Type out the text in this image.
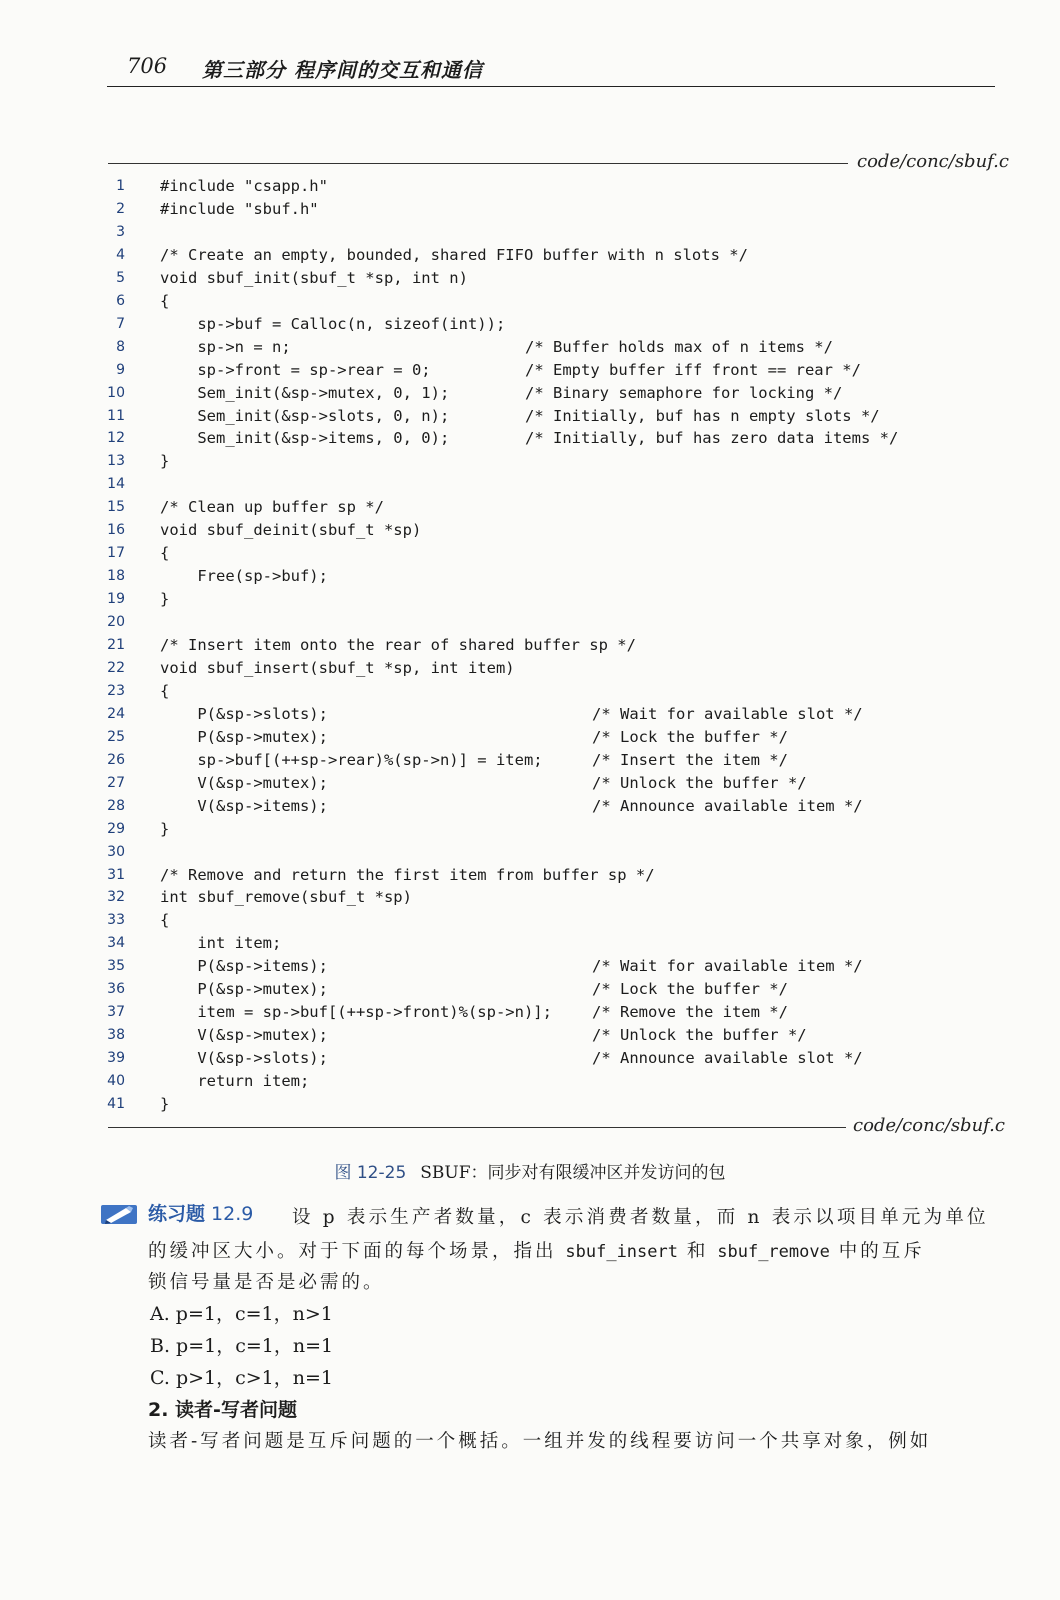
706 第三部分 程序间的交互和通信
code/conc/sbuf.c
1 #include "csapp.h"
2 #include "sbuf.h"
3
4 /* Create an empty, bounded, shared FIFO buffer with n slots */
5 void sbuf_init(sbuf_t *sp, int n)
6 {
7 sp->buf = Calloc(n, sizeof(int));
8 sp->n = n;	/* Buffer holds max of n items */
9 sp->front = sp->rear = 0;	/* Empty buffer iff front == rear */
10 Sem_init(&sp->mutex, 0, 1);	/* Binary semaphore for locking */
11 Sem_init(&sp->slots, 0, n);	/* Initially, buf has n empty slots */
12 Sem_init(&sp->items, 0, 0);	/* Initially, buf has zero data items */
13 }
14
15 /* Clean up buffer sp */
16 void sbuf_deinit(sbuf_t *sp)
17 {
18 Free(sp->buf);
19 }
20
21 /* Insert item onto the rear of shared buffer sp */
22 void sbuf_insert(sbuf_t *sp, int item)
23 {
24 P(&sp->slots);	/* Wait for available slot */
25 P(&sp->mutex);	/* Lock the buffer */
26 sp->buf[(++sp->rear)%(sp->n)] = item;	/* Insert the item */
27 V(&sp->mutex);	/* Unlock the buffer */
28 V(&sp->items);	/* Announce available item */
29 }
30
31 /* Remove and return the first item from buffer sp */
32 int sbuf_remove(sbuf_t *sp)
33 {
34 int item;
35 P(&sp->items);	/* Wait for available item */
36 P(&sp->mutex);	/* Lock the buffer */
37 item = sp->buf[(++sp->front)%(sp->n)];	/* Remove the item */
38 V(&sp->mutex);	/* Unlock the buffer */
39 V(&sp->slots);	/* Announce available slot */
40 return item;
41 }
code/conc/sbuf.c
图 12-25 SBUF：同步对有限缓冲区并发访问的包
练习题 12.9 设 p 表示生产者数量，c 表示消费者数量，而 n 表示以项目单元为单位
的缓冲区大小。对于下面的每个场景，指出 sbuf_insert 和 sbuf_remove 中的互斥
锁信号量是否是必需的。
A. p=1，c=1，n>1
B. p=1，c=1，n=1
C. p>1，c>1，n=1
2. 读者-写者问题
读者-写者问题是互斥问题的一个概括。一组并发的线程要访问一个共享对象，例如
